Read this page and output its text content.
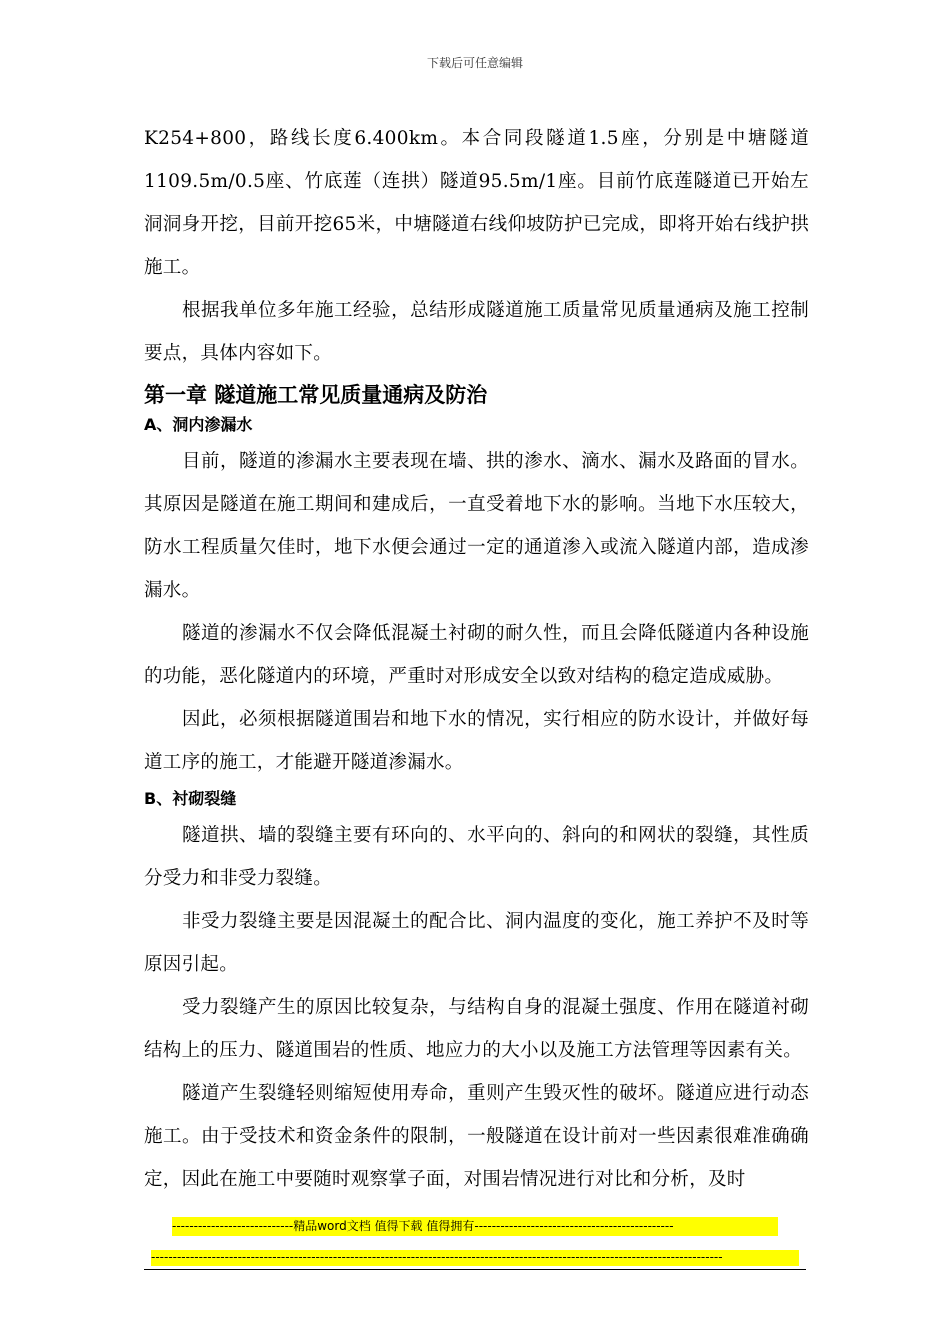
下载后可任意编辑

K254+800，路线长度6.400km。本合同段隧道1.5座，分别是中塘隧道1109.5m/0.5座、竹底莲（连拱）隧道95.5m/1座。目前竹底莲隧道已开始左洞洞身开挖，目前开挖65米，中塘隧道右线仰坡防护已完成，即将开始右线护拱施工。

根据我单位多年施工经验，总结形成隧道施工质量常见质量通病及施工控制要点，具体内容如下。

第一章 隧道施工常见质量通病及防治
A、洞内渗漏水

目前，隧道的渗漏水主要表现在墙、拱的渗水、滴水、漏水及路面的冒水。其原因是隧道在施工期间和建成后，一直受着地下水的影响。当地下水压较大，防水工程质量欠佳时，地下水便会通过一定的通道渗入或流入隧道内部，造成渗漏水。

隧道的渗漏水不仅会降低混凝土衬砌的耐久性，而且会降低隧道内各种设施的功能，恶化隧道内的环境，严重时对形成安全以致对结构的稳定造成威胁。

因此，必须根据隧道围岩和地下水的情况，实行相应的防水设计，并做好每道工序的施工，才能避开隧道渗漏水。

B、衬砌裂缝

隧道拱、墙的裂缝主要有环向的、水平向的、斜向的和网状的裂缝，其性质分受力和非受力裂缝。

非受力裂缝主要是因混凝土的配合比、洞内温度的变化，施工养护不及时等原因引起。

受力裂缝产生的原因比较复杂，与结构自身的混凝土强度、作用在隧道衬砌结构上的压力、隧道围岩的性质、地应力的大小以及施工方法管理等因素有关。

隧道产生裂缝轻则缩短使用寿命，重则产生毁灭性的破坏。隧道应进行动态施工。由于受技术和资金条件的限制，一般隧道在设计前对一些因素很难准确确定，因此在施工中要随时观察掌子面，对围岩情况进行对比和分析，及时

----------------------------精品word文档 值得下载 值得拥有----------------------------------------------
------------------------------------------------------------------------------------------------------------------------------------
